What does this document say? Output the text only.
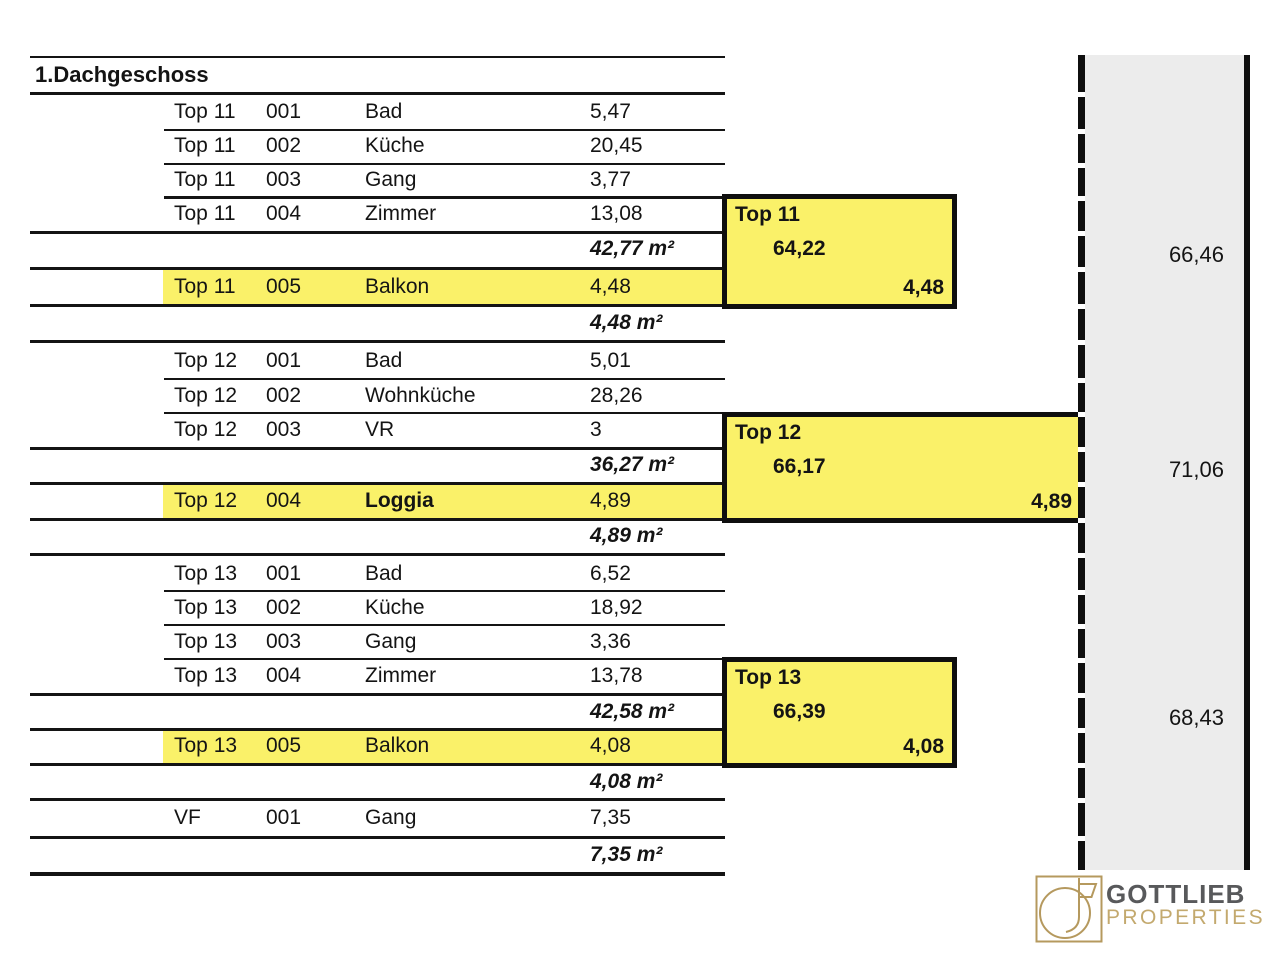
1.Dachgeschoss
Top 11 001	Bad	5,47
Top 11 002	Küche	20,45
Top 11 003	Gang	3,77
Top 11 004	Zimmer	13,08
42,77 m²
Top 11 005	Balkon	4,48
4,48 m²
Top 12 001	Bad	5,01
Top 12 002	Wohnküche	28,26
Top 12 003	VR	3
36,27 m²
Top 12 004	Loggia	4,89
4,89 m²
Top 13 001	Bad	6,52
Top 13 002	Küche	18,92
Top 13 003	Gang	3,36
Top 13 004	Zimmer	13,78
42,58 m²
Top 13 005	Balkon	4,08
4,08 m²
VF	001	Gang	7,35
7,35 m²
Top 11
64,22
4,48
Top 12
66,17
4,89
Top 13
66,39
4,08
66,46
71,06
68,43
GOTTLIEB
PROPERTIES
